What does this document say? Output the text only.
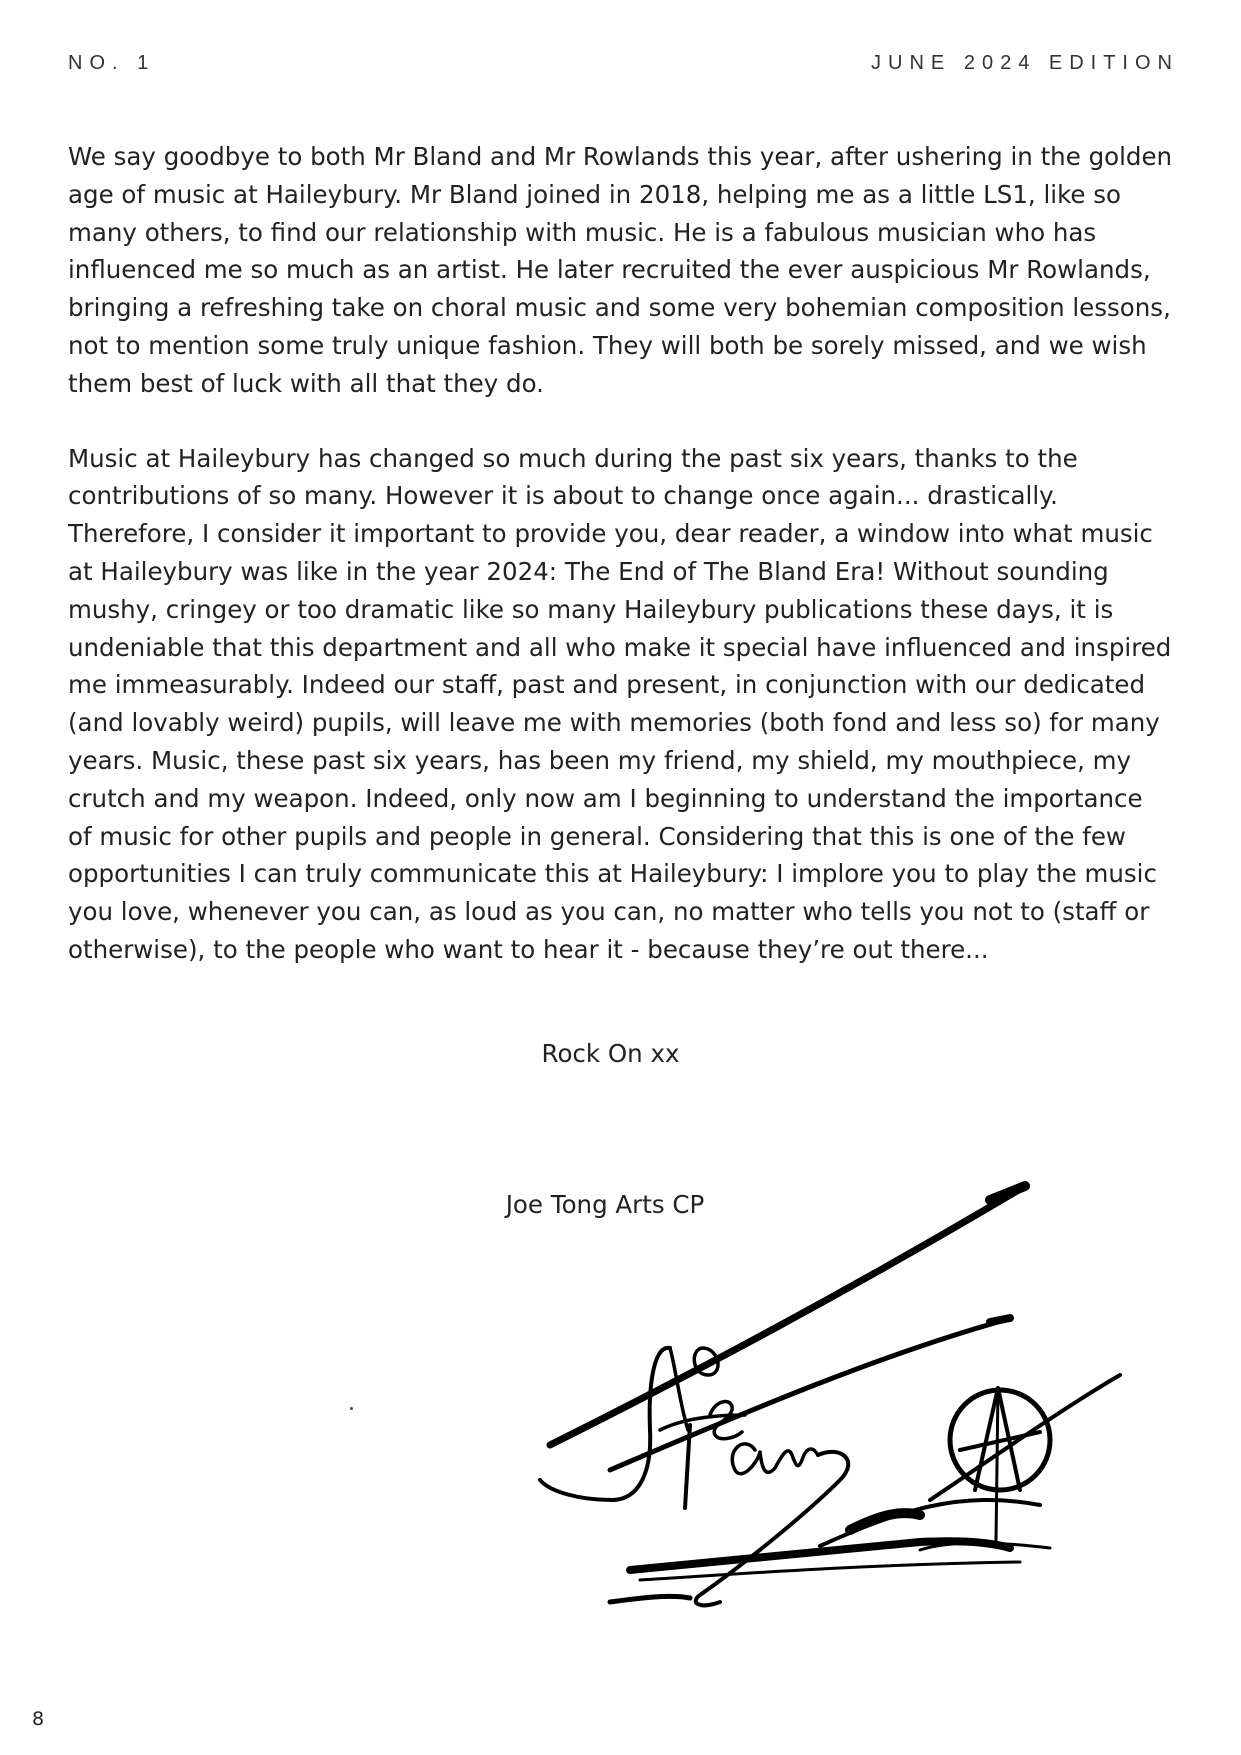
NO. 1	JUNE 2024 EDITION

We say goodbye to both Mr Bland and Mr Rowlands this year, after ushering in the golden age of music at Haileybury. Mr Bland joined in 2018, helping me as a little LS1, like so many others, to find our relationship with music. He is a fabulous musician who has influenced me so much as an artist. He later recruited the ever auspicious Mr Rowlands, bringing a refreshing take on choral music and some very bohemian composition lessons, not to mention some truly unique fashion. They will both be sorely missed, and we wish them best of luck with all that they do.

Music at Haileybury has changed so much during the past six years, thanks to the contributions of so many. However it is about to change once again... drastically. Therefore, I consider it important to provide you, dear reader, a window into what music at Haileybury was like in the year 2024: The End of The Bland Era! Without sounding mushy, cringey or too dramatic like so many Haileybury publications these days, it is undeniable that this department and all who make it special have influenced and inspired me immeasurably. Indeed our staff, past and present, in conjunction with our dedicated (and lovably weird) pupils, will leave me with memories (both fond and less so) for many years. Music, these past six years, has been my friend, my shield, my mouthpiece, my crutch and my weapon. Indeed, only now am I beginning to understand the importance of music for other pupils and people in general. Considering that this is one of the few opportunities I can truly communicate this at Haileybury: I implore you to play the music you love, whenever you can, as loud as you can, no matter who tells you not to (staff or otherwise), to the people who want to hear it - because they’re out there...

Rock On xx
Joe Tong Arts CP
8
